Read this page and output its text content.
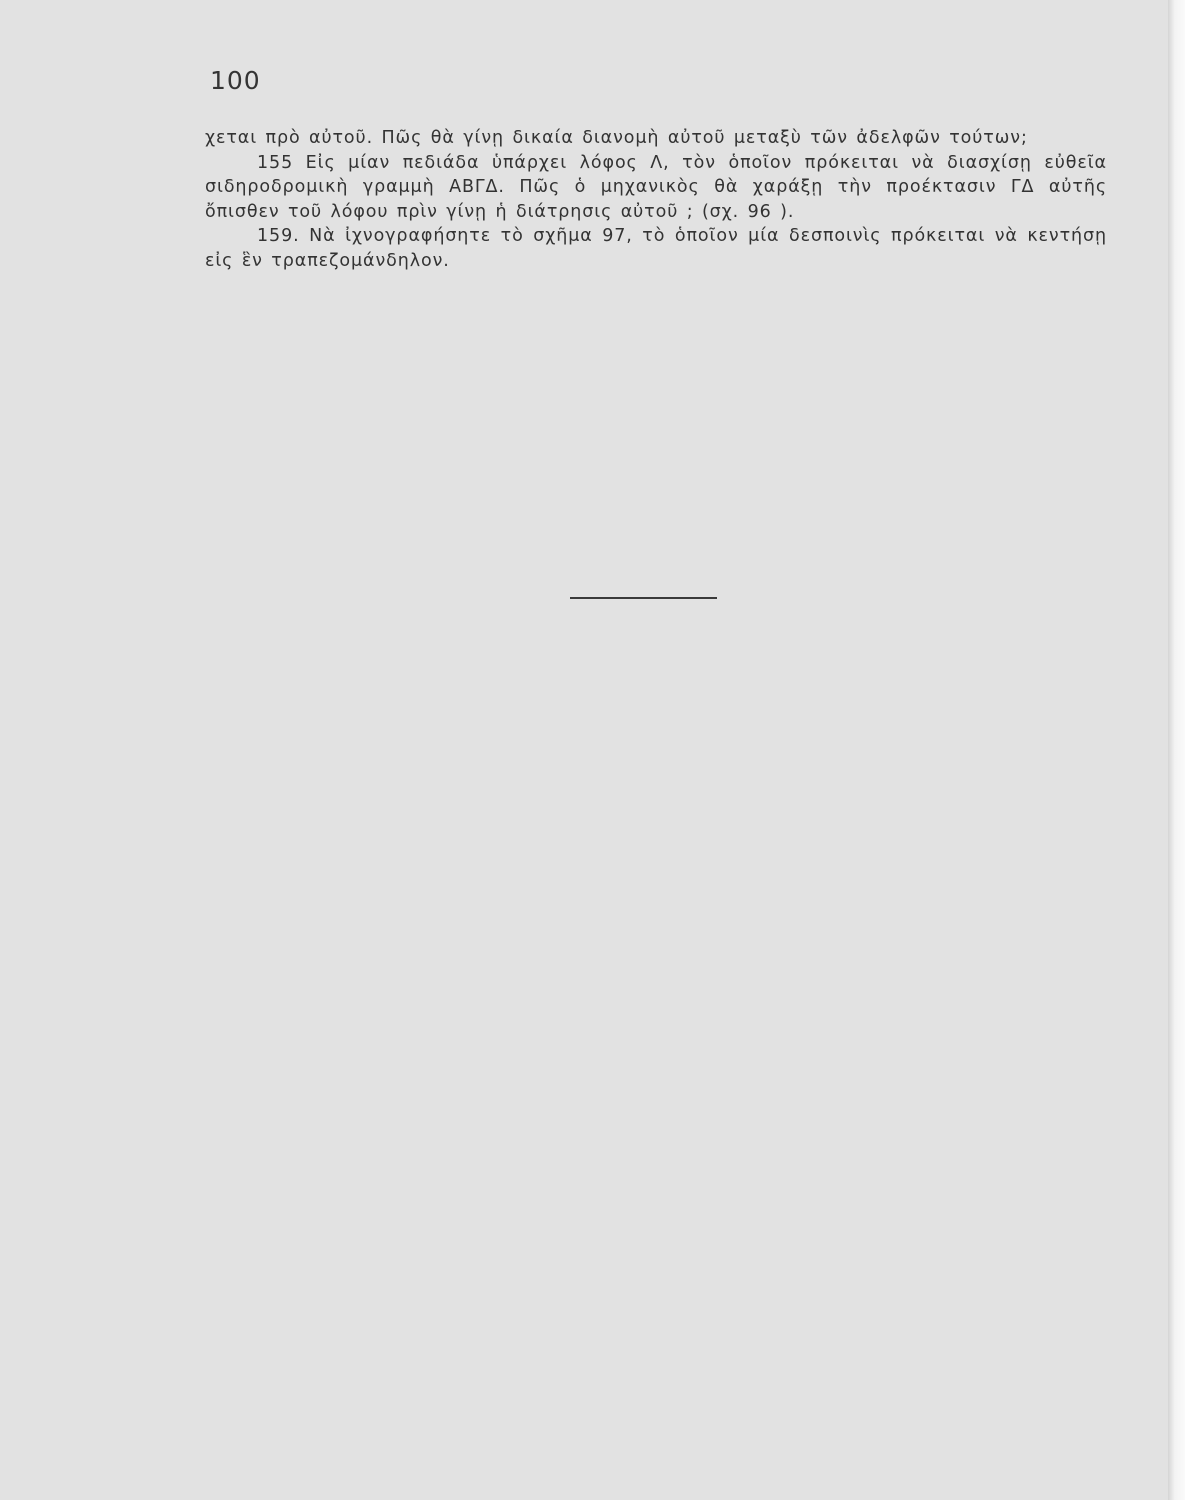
100

χεται πρὸ αὐτοῦ. Πῶς θὰ γίνῃ δικαία διανομὴ αὐτοῦ μεταξὺ τῶν ἀδελφῶν τούτων;

155 Εἰς μίαν πεδιάδα ὑπάρχει λόφος Λ, τὸν ὁποῖον πρόκειται νὰ διασχίσῃ εὐθεῖα σιδηροδρομικὴ γραμμὴ ΑΒΓΔ. Πῶς ὁ μηχανικὸς θὰ χαράξῃ τὴν προέκτασιν ΓΔ αὐτῆς ὄπισθεν τοῦ λόφου πρὶν γίνῃ ἡ διάτρησις αὐτοῦ ; (σχ. 96 ).

159. Νὰ ἰχνογραφήσητε τὸ σχῆμα 97, τὸ ὁποῖον μία δεσποινὶς πρόκειται νὰ κεντήσῃ εἰς ἓν τραπεζομάνδηλον.
